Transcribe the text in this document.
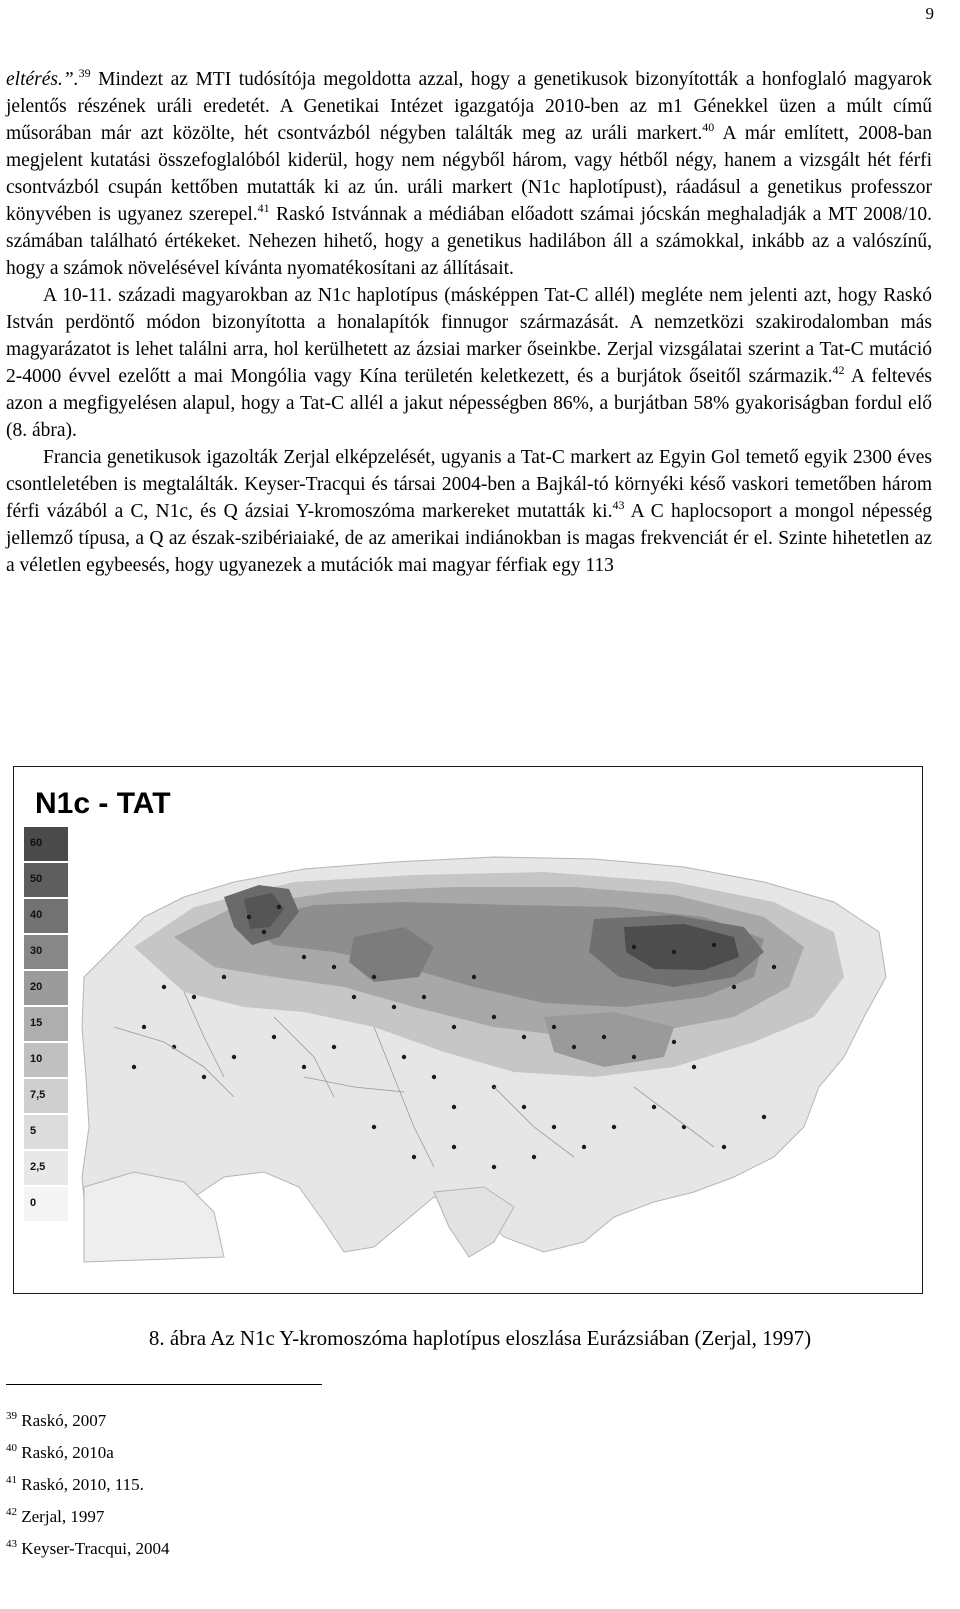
9

eltérés.”.$^{39}$ Mindezt az MTI tudósítója megoldotta azzal, hogy a genetikusok bizonyították a honfoglaló magyarok jelentős részének uráli eredetét. A Genetikai Intézet igazgatója 2010-ben az m1 Génekkel üzen a múlt című műsorában már azt közölte, hét csontvázból négyben találták meg az uráli markert.$^{40}$ A már említett, 2008-ban megjelent kutatási összefoglalóból kiderül, hogy nem négyből három, vagy hétből négy, hanem a vizsgált hét férfi csontvázból csupán kettőben mutatták ki az ún. uráli markert (N1c haplotípust), ráadásul a genetikus professzor könyvében is ugyanez szerepel.$^{41}$ Raskó Istvánnak a médiában előadott számai jócskán meghaladják a MT 2008/10. számában található értékeket. Nehezen hihető, hogy a genetikus hadilábon áll a számokkal, inkább az a valószínű, hogy a számok növelésével kívánta nyomatékosítani az állításait.

A 10-11. századi magyarokban az N1c haplotípus (másképpen Tat-C allél) megléte nem jelenti azt, hogy Raskó István perdöntő módon bizonyította a honalapítók finnugor származását. A nemzetközi szakirodalomban más magyarázatot is lehet találni arra, hol kerülhetett az ázsiai marker őseinkbe. Zerjal vizsgálatai szerint a Tat-C mutáció 2-4000 évvel ezelőtt a mai Mongólia vagy Kína területén keletkezett, és a burjátok őseitől származik.$^{42}$ A feltevés azon a megfigyelésen alapul, hogy a Tat-C allél a jakut népességben 86%, a burjátban 58% gyakoriságban fordul elő (8. ábra).

Francia genetikusok igazolták Zerjal elképzelését, ugyanis a Tat-C markert az Egyin Gol temető egyik 2300 éves csontleletében is megtalálták. Keyser-Tracqui és társai 2004-ben a Bajkál-tó környéki késő vaskori temetőben három férfi vázából a C, N1c, és Q ázsiai Y-kromoszóma markereket mutatták ki.$^{43}$ A C haplocsoport a mongol népesség jellemző típusa, a Q az észak-szibériaiaké, de az amerikai indiánokban is magas frekvenciát ér el. Szinte hihetetlen az a véletlen egybeesés, hogy ugyanezek a mutációk mai magyar férfiak egy 113

N1c - TAT
60
50
40
30
20
15
10
7,5
5
2,5
0
8. ábra Az N1c Y-kromoszóma haplotípus eloszlása Eurázsiában (Zerjal, 1997)
$^{39}$ Raskó, 2007
$^{40}$ Raskó, 2010a
$^{41}$ Raskó, 2010, 115.
$^{42}$ Zerjal, 1997
$^{43}$ Keyser-Tracqui, 2004
